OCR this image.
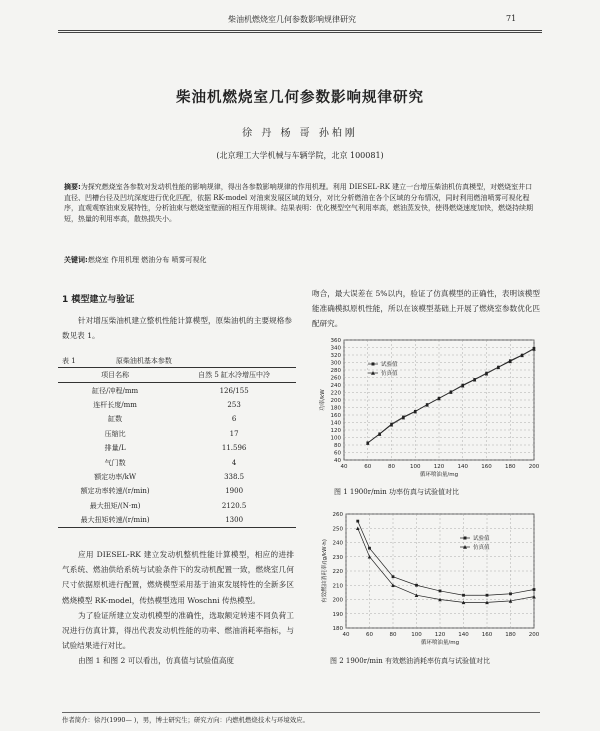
柴油机燃烧室几何参数影响规律研究	71
柴油机燃烧室几何参数影响规律研究
徐 丹 杨 哥 孙柏刚
(北京理工大学机械与车辆学院，北京 100081)
摘要:为探究燃烧室各参数对发动机性能的影响规律，得出各参数影响规律的作用机理。利用 DIESEL-RK 建立一台增压柴油机仿真模型，对燃烧室井口直径、凹槽台径及凹坑深度进行优化匹配，依据 RK-model 对油束发展区域的划分，对比分析燃油在各个区域的分布情况，同时利用燃油喷雾可视化程序，直观观察油束发展特性，分析油束与燃烧室壁面的相互作用规律。结果表明：优化模型空气利用率高，燃油蒸发快，使得燃烧速度加快，燃烧持续期短，热量的利用率高，散热损失小。
关键词:燃烧室 作用机理 燃油分布 喷雾可视化
1 模型建立与验证
针对增压柴油机建立整机性能计算模型，原柴油机的主要规格参数见表 1。
表 1	原柴油机基本参数
项目名称	自然 5 缸水冷增压中冷
缸径/冲程/mm	126/155
连杆长度/mm	253
缸数	6
压缩比	17
排量/L	11.596
气门数	4
额定功率/kW	338.5
额定功率转速/(r/min)	1900
最大扭矩/(N·m)	2120.5
最大扭矩转速/(r/min)	1300
应用 DIESEL-RK 建立发动机整机性能计算模型，相应的进排气系统、燃油供给系统与试验条件下的发动机配置一致，燃烧室几何尺寸依据原机进行配置，燃烧模型采用基于油束发展特性的全新多区燃烧模型 RK-model，传热模型选用 Woschni 传热模型。
为了验证所建立发动机模型的准确性，选取额定转速不同负荷工况进行仿真计算，得出代表发动机性能的功率、燃油消耗率指标，与试验结果进行对比。
由图 1 和图 2 可以看出，仿真值与试验值高度
吻合，最大误差在 5%以内，验证了仿真模型的正确性，表明该模型能准确模拟原机性能，所以在该模型基础上开展了燃烧室参数优化匹配研究。
40
60
80
100
120
140
160
180
200
220
240
260
280
300
320
340
360
40	60	80	100 120 140 160 180 200
循环喷油量/mg
功率/kW
试验值
仿真值
图 1 1900r/min 功率仿真与试验值对比
180
190
200
210
220
230
240
250
260
40	60	80	100 120 140 160 180 200
循环喷油量/mg
有效燃油消耗率/(g/kW·h)
试验值
仿真值
图 2 1900r/min 有效燃油消耗率仿真与试验值对比
作者简介：徐丹(1990— )，男，博士研究生；研究方向：内燃机燃烧技术与环境效应。
